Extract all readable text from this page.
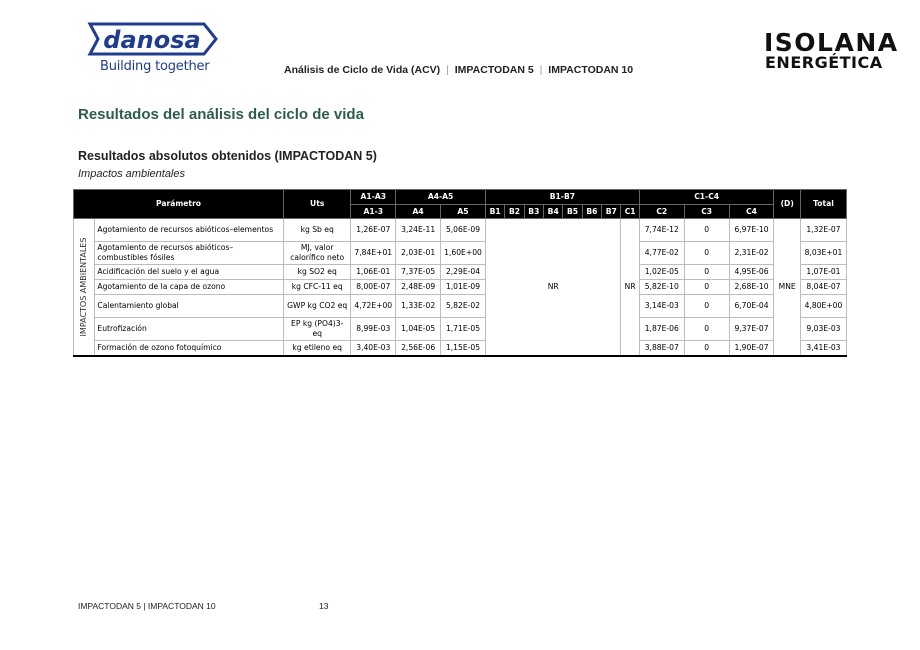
danosa
Building together	Análisis de Ciclo de Vida (ACV) | IMPACTODAN 5 | IMPACTODAN 10
ISOLANA
ENERGÉTICA
Resultados del análisis del ciclo de vida
Resultados absolutos obtenidos (IMPACTODAN 5)
Impactos ambientales
Parámetro		Uts	A1-A3	A4-A5		B1-B7								C1-C4			(D)	Total
			A1-3	A4	A5	B1	B2	B3	B4	B5	B6	B7	C1	C2	C3	C4		

IMPACTOS AMBIENTALES	Agotamiento de recursos abióticos–elementos	kg Sb eq	1,26E-07	3,24E-11	5,06E-09	NR							NR	7,74E-12	0	6,97E-10	MNE	1,32E-07
	Agotamiento de recursos abióticos–combustibles fósiles	MJ, valor calorífico neto	7,84E+01	2,03E-01	1,60E+00									4,77E-02	0	2,31E-02		8,03E+01
	Acidificación del suelo y el agua	kg SO2 eq	1,06E-01	7,37E-05	2,29E-04									1,02E-05	0	4,95E-06		1,07E-01
	Agotamiento de la capa de ozono	kg CFC-11 eq	8,00E-07	2,48E-09	1,01E-09									5,82E-10	0	2,68E-10		8,04E-07
	Calentamiento global	GWP kg CO2 eq	4,72E+00	1,33E-02	5,82E-02									3,14E-03	0	6,70E-04		4,80E+00
	Eutrofización	EP kg (PO4)3- eq	8,99E-03	1,04E-05	1,71E-05									1,87E-06	0	9,37E-07		9,03E-03
	Formación de ozono fotoquímico	kg etileno eq	3,40E-03	2,56E-06	1,15E-05									3,88E-07	0	1,90E-07		3,41E-03
IMPACTODAN 5 | IMPACTODAN 10	13
